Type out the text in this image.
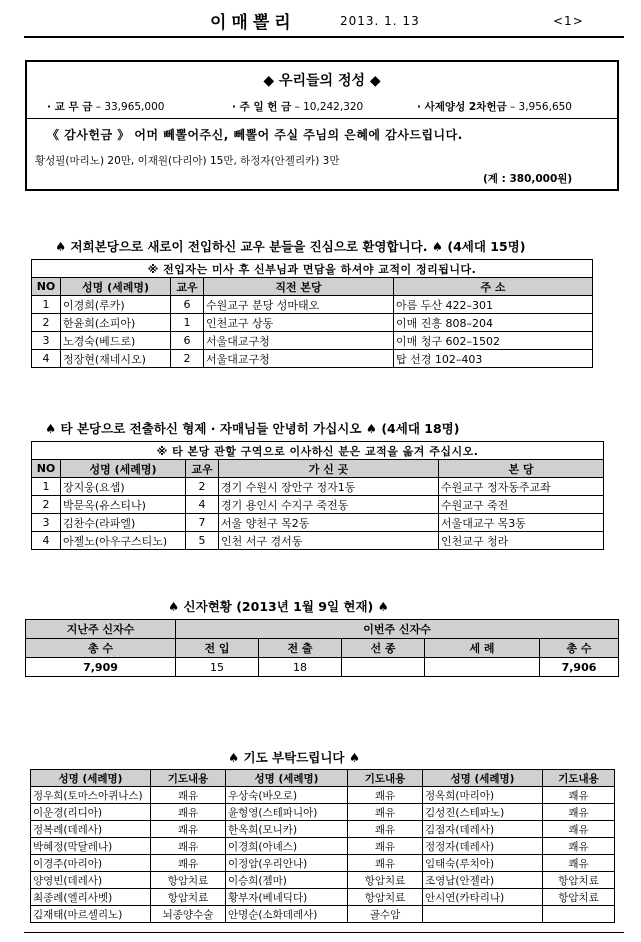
이매뽈리	2013. 1. 13	<1>
◆ 우리들의 정성 ◆
· 교 무 금 – 33,965,000	· 주 일 헌 금 – 10,242,320	· 사제양성 2차헌금 – 3,956,650
《 감사헌금 》 어머 뻬뽈어주신, 뻬뽈어 주실 주님의 은혜에 감사드립니다.
황성필(마리노) 20만, 이재원(다리아) 15만, 하정자(안젤리카) 3만
(계 : 380,000원)
♠ 저희본당으로 새로이 전입하신 교우 분들을 진심으로 환영합니다. ♠ (4세대 15명)
※ 전입자는 미사 후 신부님과 면담을 하셔야 교적이 정리됩니다.				
NO	성명 (세례명)	교우	직전 본당	주 소
1	이경희(루카)	6	수원교구 분당 성마태오	아름 두산 422–301
2	한윤희(소피아)	1	인천교구 상동	이매 진흥 808–204
3	노경숙(베드로)	6	서울대교구청	이매 청구 602–1502
4	정장현(재네시오)	2	서울대교구청	탑 선경 102–403
♠ 타 본당으로 전출하신 형제 · 자매님들 안녕히 가십시오 ♠ (4세대 18명)
※ 타 본당 관할 구역으로 이사하신 분은 교적을 옮겨 주십시오.				
NO	성명 (세례명)	교우	가 신 곳	본 당
1	장지웅(요셉)	2	경기 수원시 장안구 정자1동	수원교구 정자동주교좌
2	박문옥(유스티나)	4	경기 용인시 수지구 죽전동	수원교구 죽전
3	김찬수(라파엘)	7	서울 양천구 목2동	서울대교구 목3동
4	아젤노(아우구스티노)	5	인천 서구 경서동	인천교구 청라
♠ 신자현황 (2013년 1월 9일 현재) ♠
지난주 신자수	이번주 신자수				
총 수	전 입	전 출	선 종	세 례	총 수
7,909	15	18			7,906
♠ 기도 부탁드립니다 ♠
성명 (세례명)	기도내용	성명 (세례명)	기도내용	성명 (세례명)	기도내용
정우희(토마스아퀴나스)	쾌유	우상숙(바오로)	쾌유	정옥희(마리아)	쾌유
이운경(리디아)	쾌유	윤형영(스테파니아)	쾌유	김성진(스테파노)	쾌유
정복례(데레사)	쾌유	한옥희(모니카)	쾌유	김점자(데레사)	쾌유
박혜정(막달레나)	쾌유	이경희(아녜스)	쾌유	정정자(데레사)	쾌유
이경주(마리아)	쾌유	이정암(우리안나)	쾌유	임태숙(루치아)	쾌유
양영빈(데레사)	항암치료	이승희(젬마)	항암치료	조영남(안젤라)	항암치료
최종례(엘리사벳)	항암치료	황부자(베네딕다)	항암치료	안시연(카타리나)	항암치료
김재태(마르셀리노)	뇌종양수술	안명순(소화데레사)	골수암		
